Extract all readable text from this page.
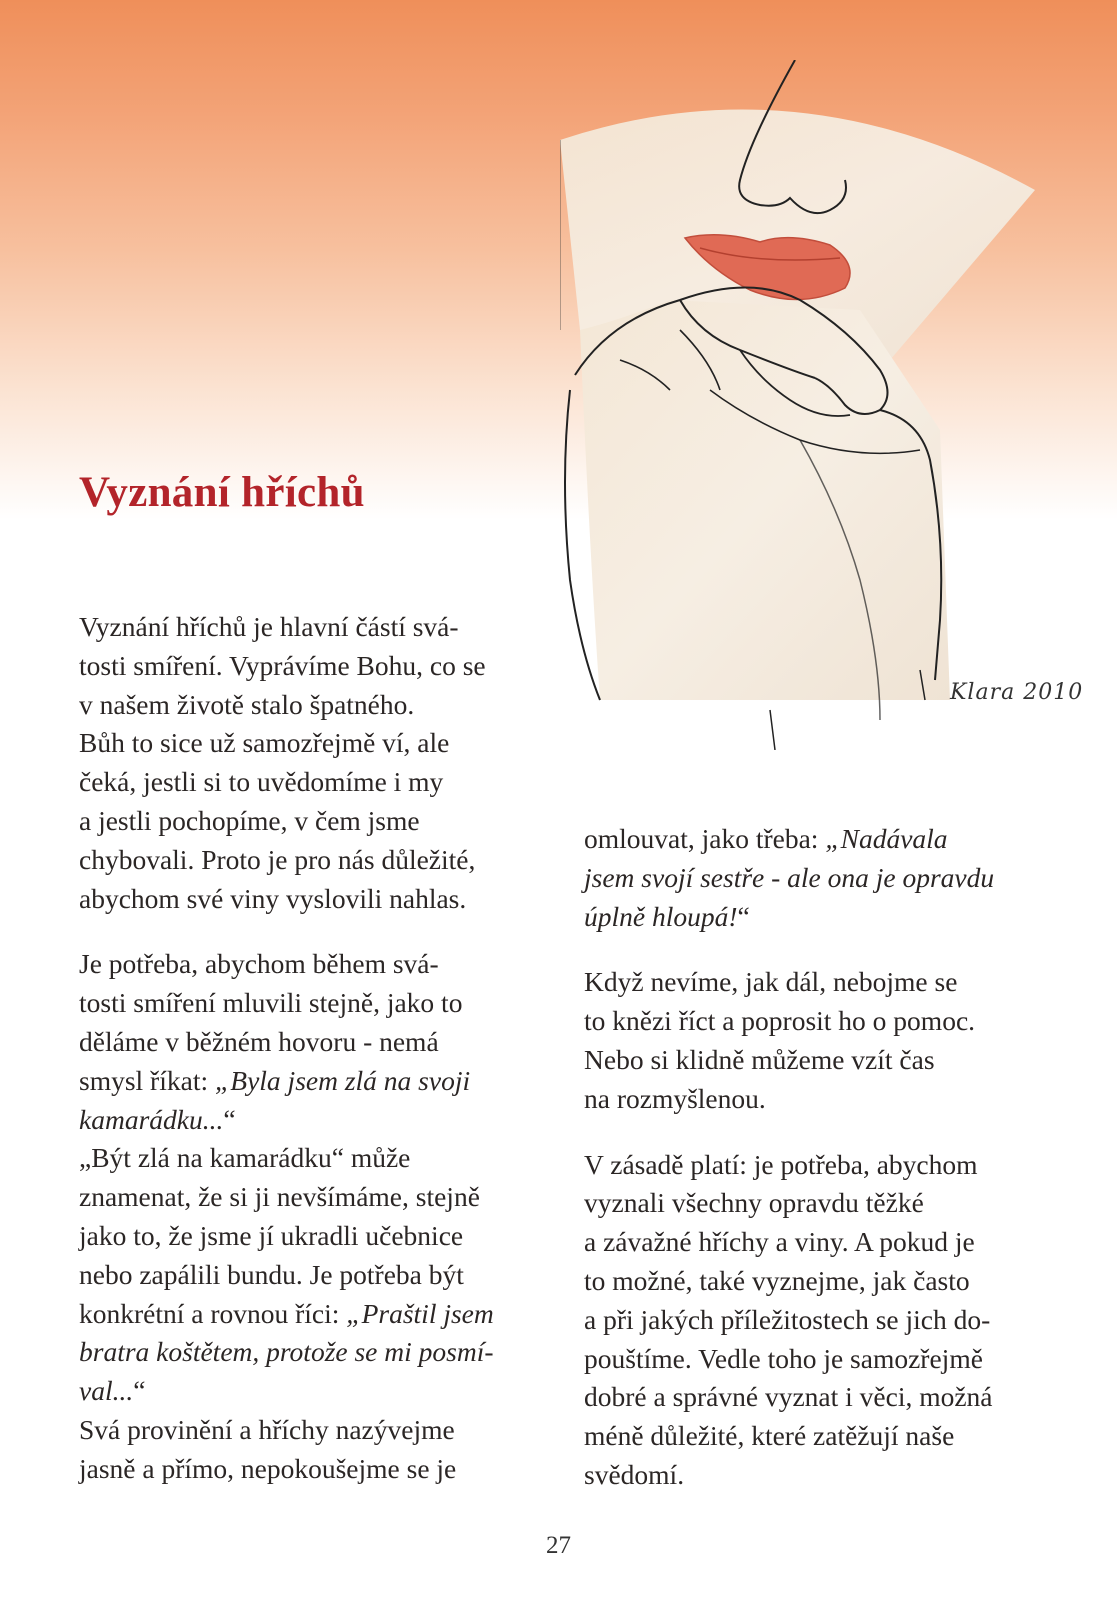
Klara 2010
Vyznání hříchů

Vyznání hříchů je hlavní částí svá-
tosti smíření. Vyprávíme Bohu, co se
v našem životě stalo špatného.
Bůh to sice už samozřejmě ví, ale
čeká, jestli si to uvědomíme i my
a jestli pochopíme, v čem jsme
chybovali. Proto je pro nás důležité,
abychom své viny vyslovili nahlas.

Je potřeba, abychom během svá-
tosti smíření mluvili stejně, jako to
děláme v běžném hovoru - nemá
smysl říkat: „Byla jsem zlá na svoji
kamarádku...“
„Být zlá na kamarádku“ může
znamenat, že si ji nevšímáme, stejně
jako to, že jsme jí ukradli učebnice
nebo zapálili bundu. Je potřeba být
konkrétní a rovnou říci: „Praštil jsem
bratra koštětem, protože se mi posmí-
val...“
Svá provinění a hříchy nazývejme
jasně a přímo, nepokoušejme se je

omlouvat, jako třeba: „Nadávala
jsem svojí sestře - ale ona je opravdu
úplně hloupá!“

Když nevíme, jak dál, nebojme se
to knězi říct a poprosit ho o pomoc.
Nebo si klidně můžeme vzít čas
na rozmyšlenou.

V zásadě platí: je potřeba, abychom
vyznali všechny opravdu těžké
a závažné hříchy a viny. A pokud je
to možné, také vyznejme, jak často
a při jakých příležitostech se jich do-
pouštíme. Vedle toho je samozřejmě
dobré a správné vyznat i věci, možná
méně důležité, které zatěžují naše
svědomí.

27
